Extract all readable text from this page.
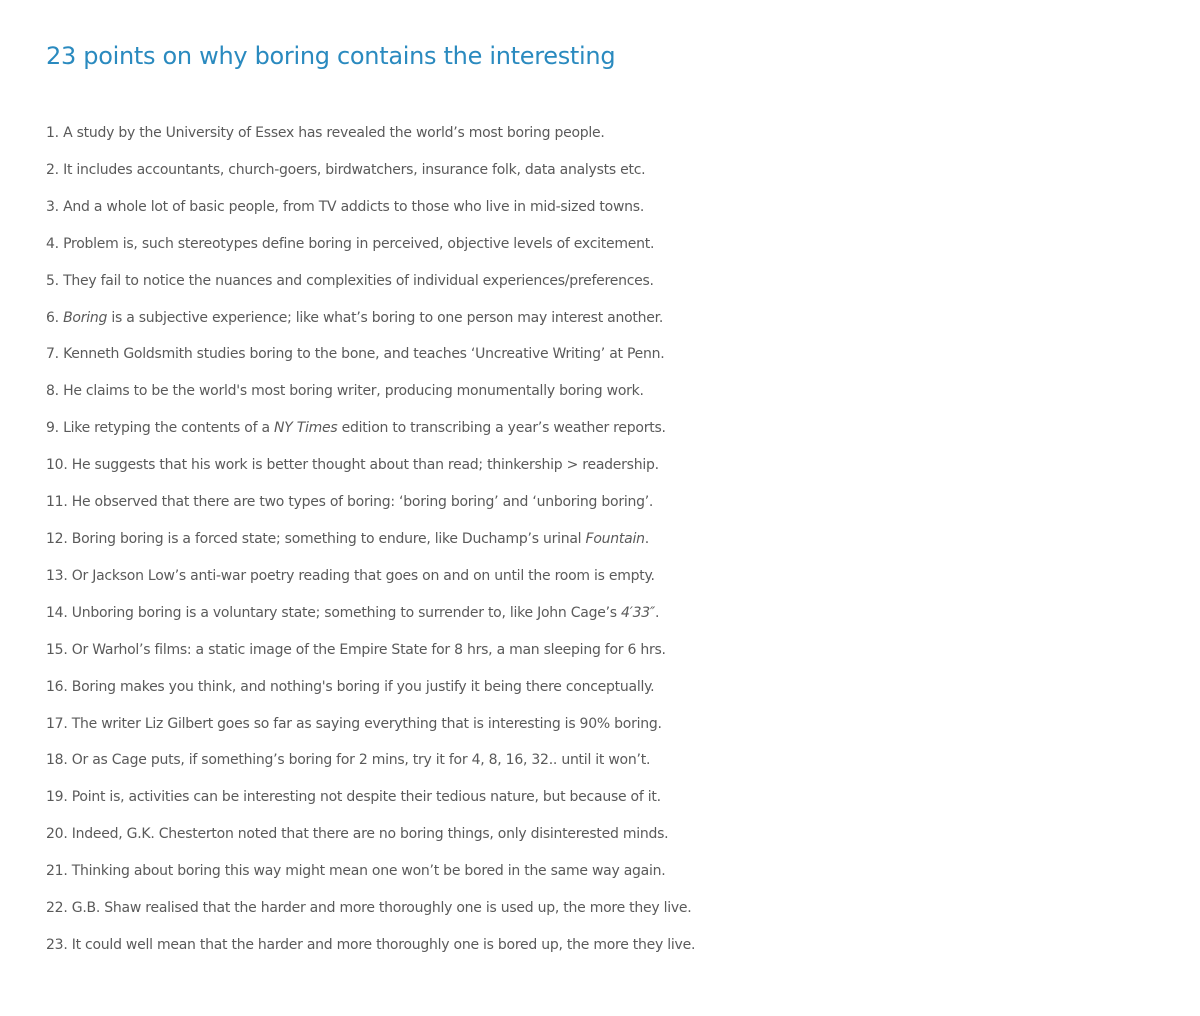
23 points on why boring contains the interesting
1. A study by the University of Essex has revealed the world’s most boring people.
2. It includes accountants, church-goers, birdwatchers, insurance folk, data analysts etc.
3. And a whole lot of basic people, from TV addicts to those who live in mid-sized towns.
4. Problem is, such stereotypes define boring in perceived, objective levels of excitement.
5. They fail to notice the nuances and complexities of individual experiences/preferences.
6. Boring is a subjective experience; like what’s boring to one person may interest another.
7. Kenneth Goldsmith studies boring to the bone, and teaches ‘Uncreative Writing’ at Penn.
8. He claims to be the world's most boring writer, producing monumentally boring work.
9. Like retyping the contents of a NY Times edition to transcribing a year’s weather reports.
10. He suggests that his work is better thought about than read; thinkership > readership.
11. He observed that there are two types of boring: ‘boring boring’ and ‘unboring boring’.
12. Boring boring is a forced state; something to endure, like Duchamp’s urinal Fountain.
13. Or Jackson Low’s anti-war poetry reading that goes on and on until the room is empty.
14. Unboring boring is a voluntary state; something to surrender to, like John Cage’s 4′33″.
15. Or Warhol’s films: a static image of the Empire State for 8 hrs, a man sleeping for 6 hrs.
16. Boring makes you think, and nothing's boring if you justify it being there conceptually.
17. The writer Liz Gilbert goes so far as saying everything that is interesting is 90% boring.
18. Or as Cage puts, if something’s boring for 2 mins, try it for 4, 8, 16, 32.. until it won’t.
19. Point is, activities can be interesting not despite their tedious nature, but because of it.
20. Indeed, G.K. Chesterton noted that there are no boring things, only disinterested minds.
21. Thinking about boring this way might mean one won’t be bored in the same way again.
22. G.B. Shaw realised that the harder and more thoroughly one is used up, the more they live.
23. It could well mean that the harder and more thoroughly one is bored up, the more they live.
